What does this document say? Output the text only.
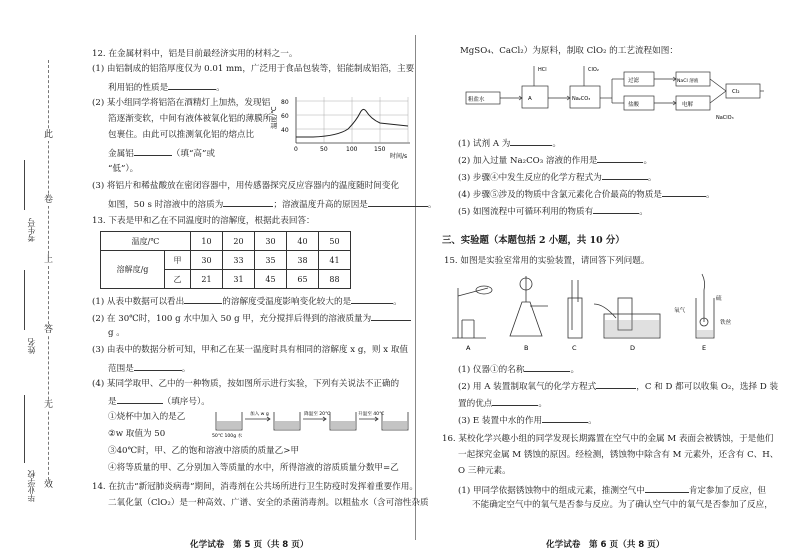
此
卷
上
答
无
效
考生号
姓名
毕业学校
12. 在金属材料中，铝是目前最经济实用的材料之一。
(1) 由铝制成的铝箔厚度仅为 0.01 mm，广泛用于食品包装等，铝能制成铝箔，主要
利用铝的性质是	。
(2) 某小组同学将铝箔在酒精灯上加热，发现铝
箔逐渐变软，中间有液体被氧化铝的薄膜所
包裹住。由此可以推测氧化铝的熔点比
金属铝	（填“高”或
“低”）。
温度/℃
40
60
80
0	50	100	150
时间/s
(3) 将铝片和稀盐酸放在密闭容器中，用传感器探究反应容器内的温度随时间变化
如图，50 s 时溶液中的溶质为	；溶液温度升高的原因是	。
13. 下表是甲和乙在不同温度时的溶解度，根据此表回答：
(1) 从表中数据可以看出	的溶解度受温度影响变化较大的是	。
(2) 在 30℃时，100 g 水中加入 50 g 甲，充分搅拌后得到的溶液质量为
g 。
(3) 由表中的数据分析可知，甲和乙在某一温度时具有相同的溶解度 x g，则 x 取值
范围是	。
(4) 某同学取甲、乙中的一种物质，按如图所示进行实验，下列有关说法不正确的
是	（填序号）。
①烧杯中加入的是乙
②w 取值为 50
③40℃时，甲、乙的饱和溶液中溶质的质量乙>甲
④将等质量的甲、乙分别加入等质量的水中，所得溶液的溶质质量分数甲=乙
50℃ 100g 水
加入 w g	降温至 20℃	升温至 40℃
14. 在抗击“新冠肺炎病毒”期间，消毒剂在公共场所进行卫生防疫时发挥着重要作用。
二氧化氯（ClO₂）是一种高效、广谱、安全的杀菌消毒剂。以粗盐水（含可溶性杂质
化学试卷　第 5 页（共 8 页）
温度/℃		10	20	30	40	50
溶解度/g	甲	30	33	35	38	41
	乙	21	31	45	65	88
MgSO₄、CaCl₂）为原料，制取 ClO₂ 的工艺流程如图：
粗盐水	A	Na₂CO₃
过滤
盐酸
NaCl 溶液
电解
Cl₂
HCl	ClO₂
NaClO₃
(1) 试剂 A 为	。
(2) 加入过量 Na₂CO₃ 溶液的作用是	。
(3) 步骤④中发生反应的化学方程式为	。
(4) 步骤⑤涉及的物质中含氯元素化合价最高的物质是	。
(5) 如图流程中可循环利用的物质有	。
三、实验题（本题包括 2 小题，共 10 分）
15. 如图是实验室常用的实验装置，请回答下列问题。
A	B	C	D	E
氧气
硫
铁丝
(1) 仪器①的名称	。
(2) 用 A 装置制取氧气的化学方程式	，C 和 D 都可以收集 O₂，选择 D 装
置的优点	。
(3) E 装置中水的作用	。
16. 某校化学兴趣小组的同学发现长期露置在空气中的金属 M 表面会被锈蚀，于是他们
一起探究金属 M 锈蚀的原因。经检测，锈蚀物中除含有 M 元素外，还含有 C、H、
O 三种元素。
(1) 甲同学依据锈蚀物中的组成元素，推测空气中	肯定参加了反应，但
不能确定空气中的氧气是否参与反应。为了确认空气中的氧气是否参加了反应，
化学试卷　第 6 页（共 8 页）
